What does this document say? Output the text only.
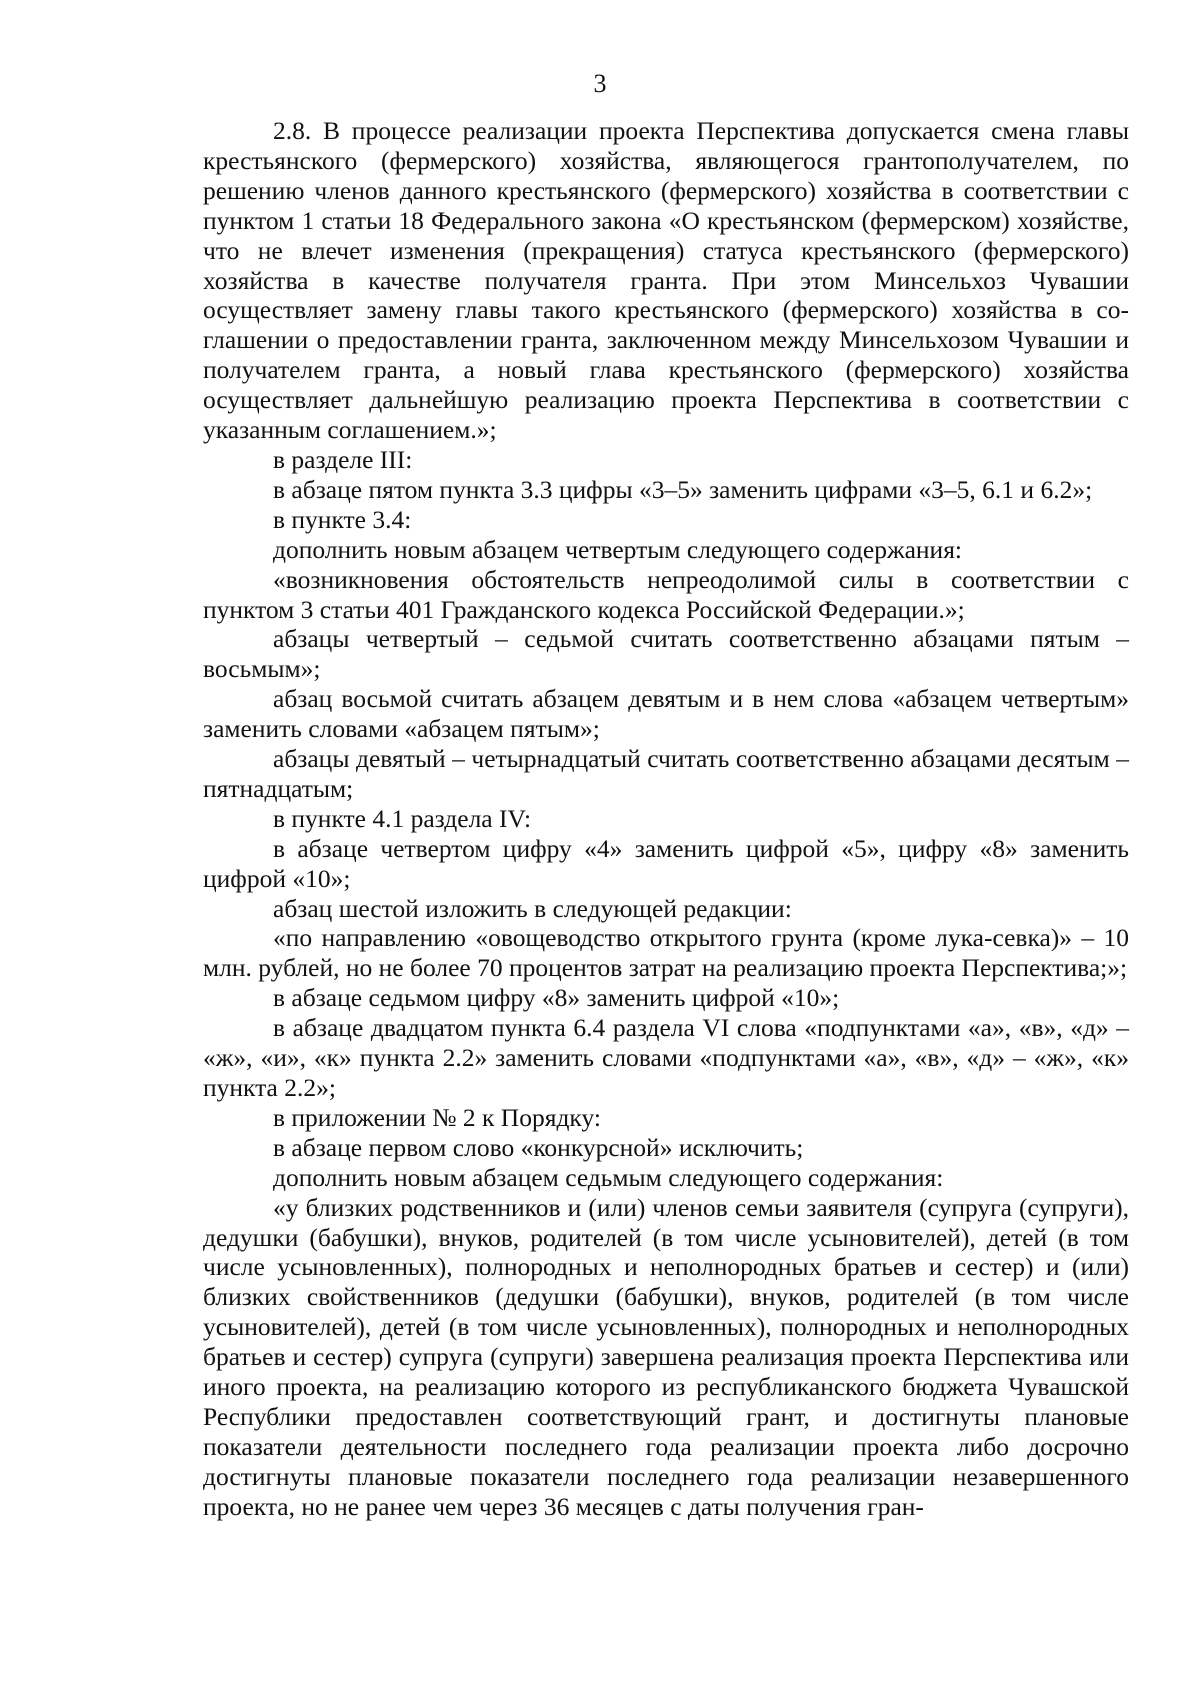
3

2.8. В процессе реализации проекта Перспектива допускается смена главы крестьянского (фермерского) хозяйства, являющегося грантополучателем, по решению членов данного крестьянского (фермерского) хозяйства в соответствии с пунктом 1 статьи 18 Федерального закона «О крестьянском (фермерском) хозяйстве, что не влечет изменения (прекращения) статуса крестьянского (фермерского) хозяйства в качестве получателя гранта. При этом Минсельхоз Чувашии осуществляет замену главы такого крестьянского (фермерского) хозяйства в соглашении о предоставлении гранта, заключенном между Минсельхозом Чувашии и получателем гранта, а новый глава крестьянского (фермерского) хозяйства осуществляет дальнейшую реализацию проекта Перспектива в соответствии с указанным соглашением.»;

в разделе III:

в абзаце пятом пункта 3.3 цифры «3–5» заменить цифрами «3–5, 6.1 и 6.2»;

в пункте 3.4:

дополнить новым абзацем четвертым следующего содержания:

«возникновения обстоятельств непреодолимой силы в соответствии с пунктом 3 статьи 401 Гражданского кодекса Российской Федерации.»;

абзацы четвертый – седьмой считать соответственно абзацами пятым – восьмым»;

абзац восьмой считать абзацем девятым и в нем слова «абзацем четвертым» заменить словами «абзацем пятым»;

абзацы девятый – четырнадцатый считать соответственно абзацами десятым – пятнадцатым;

в пункте 4.1 раздела IV:

в абзаце четвертом цифру «4» заменить цифрой «5», цифру «8» заменить цифрой «10»;

абзац шестой изложить в следующей редакции:

«по направлению «овощеводство открытого грунта (кроме лука-севка)» – 10 млн. рублей, но не более 70 процентов затрат на реализацию проекта Перспектива;»;

в абзаце седьмом цифру «8» заменить цифрой «10»;

в абзаце двадцатом пункта 6.4 раздела VI слова «подпунктами «а», «в», «д» – «ж», «и», «к» пункта 2.2» заменить словами «подпунктами «а», «в», «д» – «ж», «к» пункта 2.2»;

в приложении № 2 к Порядку:

в абзаце первом слово «конкурсной» исключить;

дополнить новым абзацем седьмым следующего содержания:

«у близких родственников и (или) членов семьи заявителя (супруга (супруги), дедушки (бабушки), внуков, родителей (в том числе усыновителей), детей (в том числе усыновленных), полнородных и неполнородных братьев и сестер) и (или) близких свойственников (дедушки (бабушки), внуков, родителей (в том числе усыновителей), детей (в том числе усыновленных), полнородных и неполнородных братьев и сестер) супруга (супруги) завершена реализация проекта Перспектива или иного проекта, на реализацию которого из республиканского бюджета Чувашской Республики предоставлен соответствующий грант, и достигнуты плановые показатели деятельности последнего года реализации проекта либо досрочно достигнуты плановые показатели последнего года реализации незавершенного проекта, но не ранее чем через 36 месяцев с даты получения гран-
